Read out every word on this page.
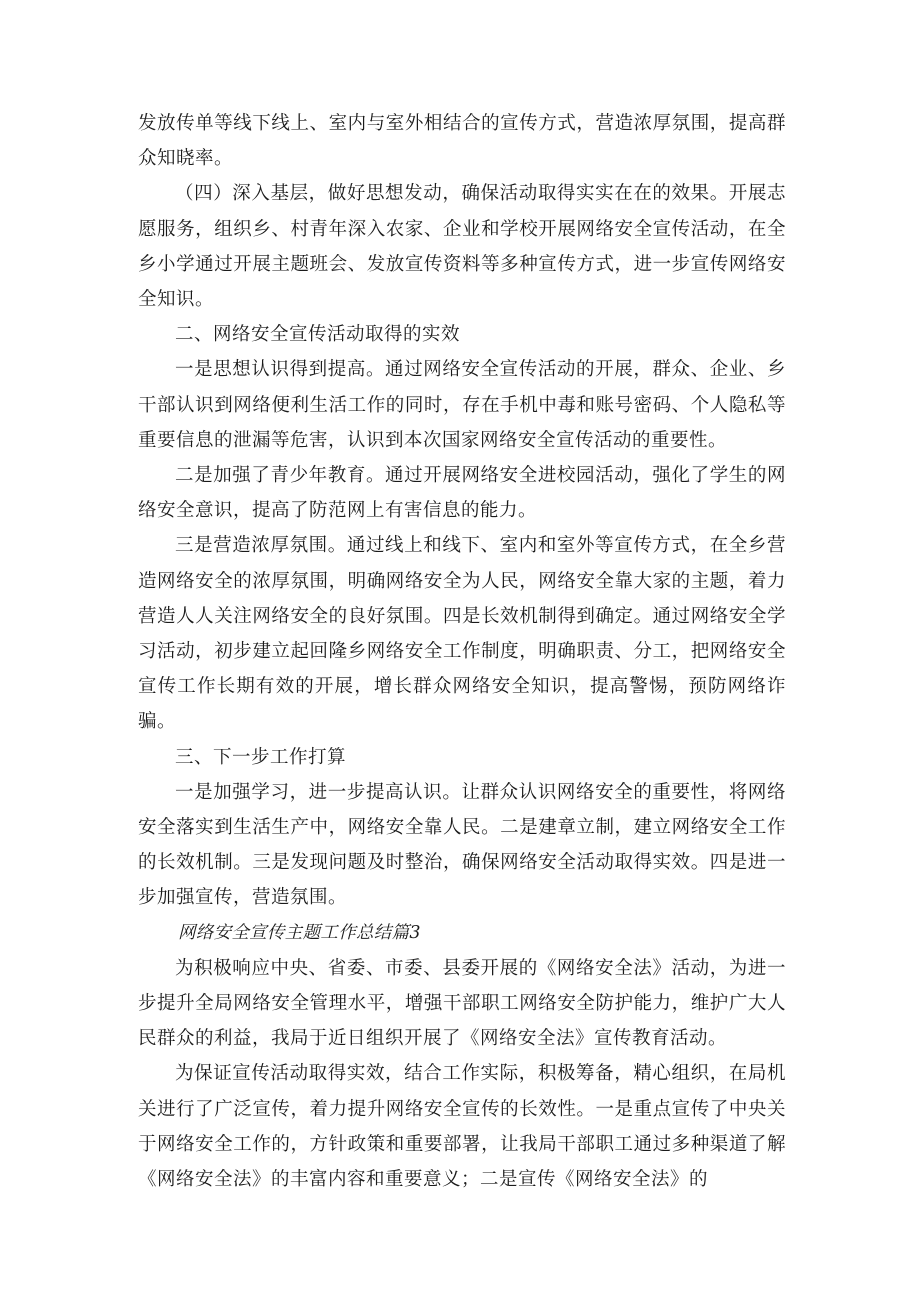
发放传单等线下线上、室内与室外相结合的宣传方式，营造浓厚氛围，提高群众知晓率。

（四）深入基层，做好思想发动，确保活动取得实实在在的效果。开展志愿服务，组织乡、村青年深入农家、企业和学校开展网络安全宣传活动，在全乡小学通过开展主题班会、发放宣传资料等多种宣传方式，进一步宣传网络安全知识。

二、网络安全宣传活动取得的实效

一是思想认识得到提高。通过网络安全宣传活动的开展，群众、企业、乡干部认识到网络便利生活工作的同时，存在手机中毒和账号密码、个人隐私等重要信息的泄漏等危害，认识到本次国家网络安全宣传活动的重要性。

二是加强了青少年教育。通过开展网络安全进校园活动，强化了学生的网络安全意识，提高了防范网上有害信息的能力。

三是营造浓厚氛围。通过线上和线下、室内和室外等宣传方式，在全乡营造网络安全的浓厚氛围，明确网络安全为人民，网络安全靠大家的主题，着力营造人人关注网络安全的良好氛围。四是长效机制得到确定。通过网络安全学习活动，初步建立起回隆乡网络安全工作制度，明确职责、分工，把网络安全宣传工作长期有效的开展，增长群众网络安全知识，提高警惕，预防网络诈骗。

三、下一步工作打算

一是加强学习，进一步提高认识。让群众认识网络安全的重要性，将网络安全落实到生活生产中，网络安全靠人民。二是建章立制，建立网络安全工作的长效机制。三是发现问题及时整治，确保网络安全活动取得实效。四是进一步加强宣传，营造氛围。

网络安全宣传主题工作总结篇3

为积极响应中央、省委、市委、县委开展的《网络安全法》活动，为进一步提升全局网络安全管理水平，增强干部职工网络安全防护能力，维护广大人民群众的利益，我局于近日组织开展了《网络安全法》宣传教育活动。

为保证宣传活动取得实效，结合工作实际，积极筹备，精心组织，在局机关进行了广泛宣传，着力提升网络安全宣传的长效性。一是重点宣传了中央关于网络安全工作的，方针政策和重要部署，让我局干部职工通过多种渠道了解《网络安全法》的丰富内容和重要意义；二是宣传《网络安全法》的
